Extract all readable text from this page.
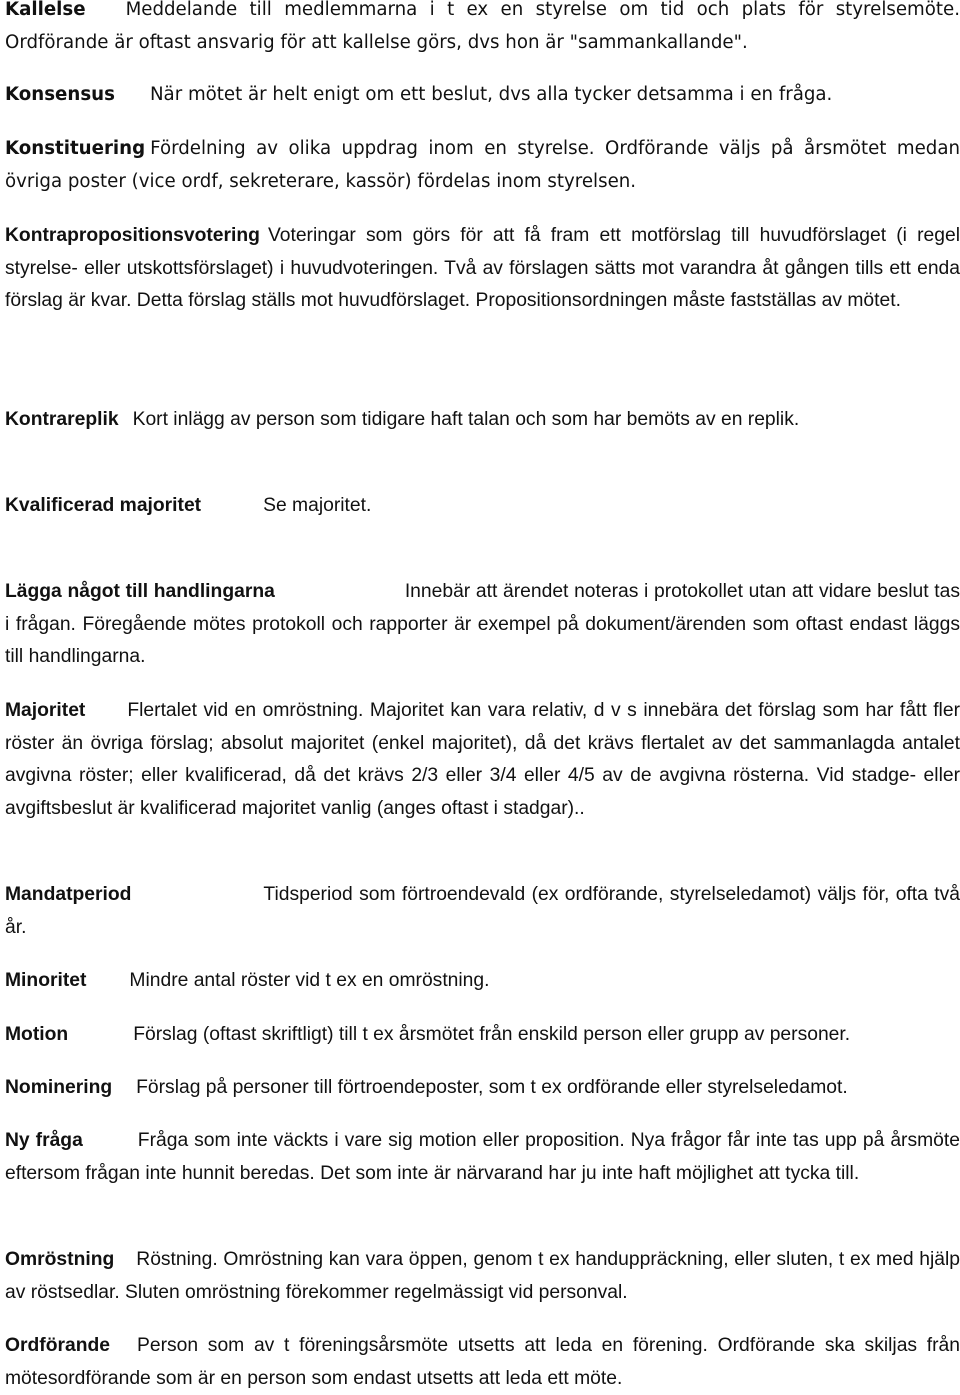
Kallelse Meddelande till medlemmarna i t ex en styrelse om tid och plats för styrelsemöte. Ordförande är oftast ansvarig för att kallelse görs, dvs hon är "sammankallande".

Konsensus När mötet är helt enigt om ett beslut, dvs alla tycker detsamma i en fråga.

Konstituering Fördelning av olika uppdrag inom en styrelse. Ordförande väljs på årsmötet medan övriga poster (vice ordf, sekreterare, kassör) fördelas inom styrelsen.

Kontrapropositionsvotering Voteringar som görs för att få fram ett motförslag till huvudförslaget (i regel styrelse- eller utskottsförslaget) i huvudvoteringen. Två av förslagen sätts mot varandra åt gången tills ett enda förslag är kvar. Detta förslag ställs mot huvudförslaget. Propositionsordningen måste fastställas av mötet.

Kontrareplik Kort inlägg av person som tidigare haft talan och som har bemöts av en replik.

Kvalificerad majoritet	Se majoritet.

Lägga något till handlingarna	Innebär att ärendet noteras i protokollet utan att vidare beslut tas i frågan. Föregående mötes protokoll och rapporter är exempel på dokument/ärenden som oftast endast läggs till handlingarna.

Majoritet Flertalet vid en omröstning. Majoritet kan vara relativ, d v s innebära det förslag som har fått fler röster än övriga förslag; absolut majoritet (enkel majoritet), då det krävs flertalet av det sammanlagda antalet avgivna röster; eller kvalificerad, då det krävs 2/3 eller 3/4 eller 4/5 av de avgivna rösterna. Vid stadge- eller avgiftsbeslut är kvalificerad majoritet vanlig (anges oftast i stadgar)..

Mandatperiod	Tidsperiod som förtroendevald (ex ordförande, styrelseledamot) väljs för, ofta två år.

Minoritet Mindre antal röster vid t ex en omröstning.

Motion	Förslag (oftast skriftligt) till t ex årsmötet från enskild person eller grupp av personer.

Nominering Förslag på personer till förtroendeposter, som t ex ordförande eller styrelseledamot.

Ny fråga	Fråga som inte väckts i vare sig motion eller proposition. Nya frågor får inte tas upp på årsmöte eftersom frågan inte hunnit beredas. Det som inte är närvarand har ju inte haft möjlighet att tycka till.

Omröstning Röstning. Omröstning kan vara öppen, genom t ex handuppräckning, eller sluten, t ex med hjälp av röstsedlar. Sluten omröstning förekommer regelmässigt vid personval.

Ordförande Person som av t föreningsårsmöte utsetts att leda en förening. Ordförande ska skiljas från mötesordförande som är en person som endast utsetts att leda ett möte.
